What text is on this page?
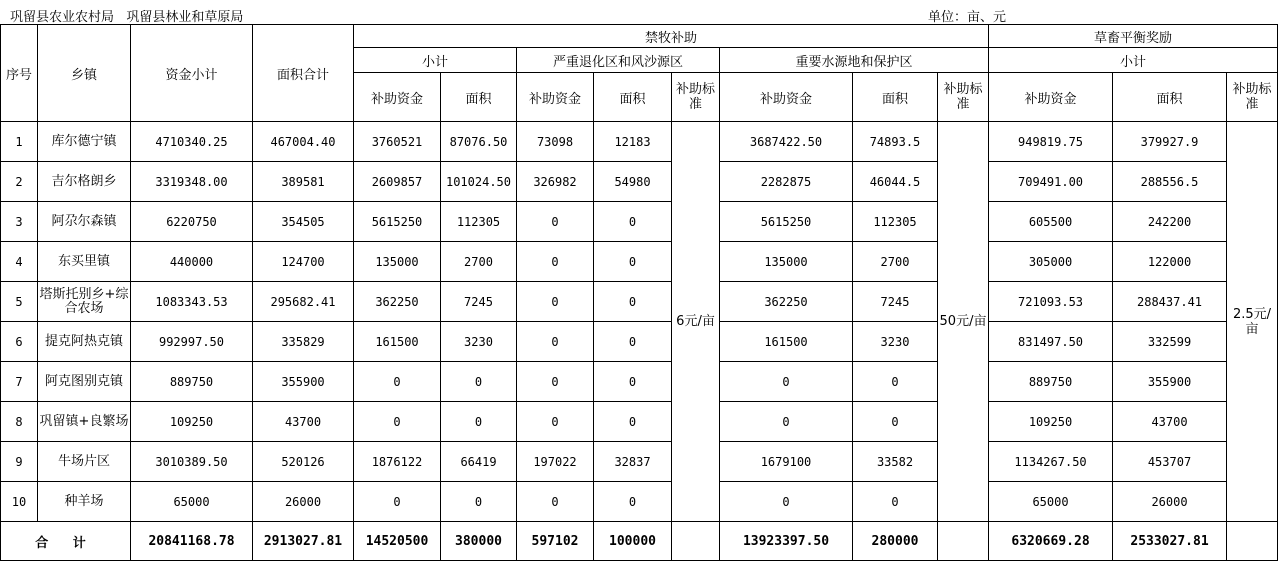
巩留县农业农村局   巩留县林业和草原局	单位：亩、元
序号	乡镇	资金小计	面积合计	禁牧补助								草畜平衡奖励		
				小计		严重退化区和风沙源区			重要水源地和保护区			小计		
				补助资金	面积	补助资金	面积	补助标准	补助资金	面积	补助标准	补助资金	面积	补助标准
1	库尔德宁镇	4710340.25	467004.40	3760521	87076.50	73098	12183	6元/亩	3687422.50	74893.5	50元/亩	949819.75	379927.9	2.5元/亩
2	吉尔格朗乡	3319348.00	389581	2609857	101024.50	326982	54980		2282875	46044.5		709491.00	288556.5	
3	阿尕尔森镇	6220750	354505	5615250	112305	0	0		5615250	112305		605500	242200	
4	东买里镇	440000	124700	135000	2700	0	0		135000	2700		305000	122000	
5	塔斯托别乡+综合农场	1083343.53	295682.41	362250	7245	0	0		362250	7245		721093.53	288437.41	
6	提克阿热克镇	992997.50	335829	161500	3230	0	0		161500	3230		831497.50	332599	
7	阿克图别克镇	889750	355900	0	0	0	0		0	0		889750	355900	
8	巩留镇+良繁场	109250	43700	0	0	0	0		0	0		109250	43700	
9	牛场片区	3010389.50	520126	1876122	66419	197022	32837		1679100	33582		1134267.50	453707	
10	种羊场	65000	26000	0	0	0	0		0	0		65000	26000	
合 计		20841168.78	2913027.81	14520500	380000	597102	100000		13923397.50	280000		6320669.28	2533027.81	
